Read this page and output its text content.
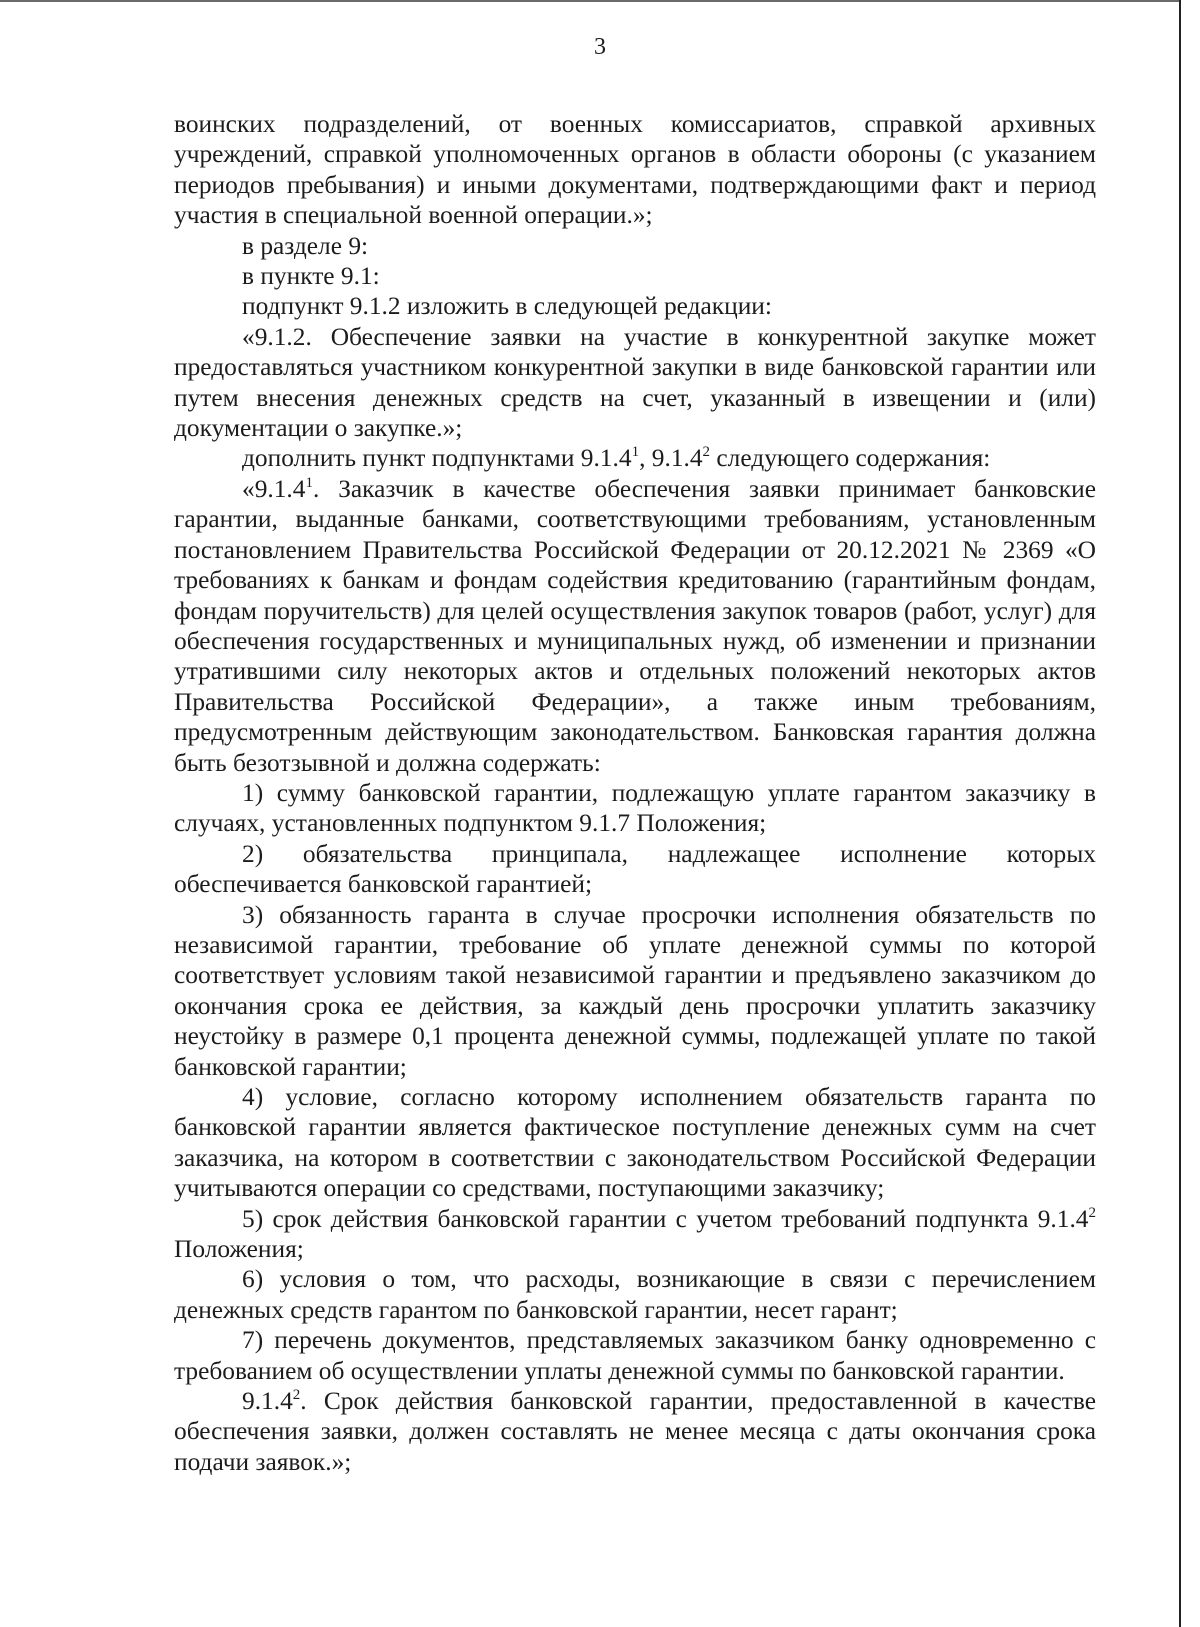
3

воинских подразделений, от военных комиссариатов, справкой архивных учреждений, справкой уполномоченных органов в области обороны (с указанием периодов пребывания) и иными документами, подтверждающими факт и период участия в специальной военной операции.»;

в разделе 9:

в пункте 9.1:

подпункт 9.1.2 изложить в следующей редакции:

«9.1.2. Обеспечение заявки на участие в конкурентной закупке может предоставляться участником конкурентной закупки в виде банковской гарантии или путем внесения денежных средств на счет, указанный в извещении и (или) документации о закупке.»;

дополнить пункт подпунктами 9.1.4$^1$, 9.1.4$^2$ следующего содержания:

«9.1.4$^1$. Заказчик в качестве обеспечения заявки принимает банковские гарантии, выданные банками, соответствующими требованиям, установленным постановлением Правительства Российской Федерации от 20.12.2021 № 2369 «О требованиях к банкам и фондам содействия кредитованию (гарантийным фондам, фондам поручительств) для целей осуществления закупок товаров (работ, услуг) для обеспечения государственных и муниципальных нужд, об изменении и признании утратившими силу некоторых актов и отдельных положений некоторых актов Правительства Российской Федерации», а также иным требованиям, предусмотренным действующим законодательством. Банковская гарантия должна быть безотзывной и должна содержать:

1) сумму банковской гарантии, подлежащую уплате гарантом заказчику в случаях, установленных подпунктом 9.1.7 Положения;

2) обязательства принципала, надлежащее исполнение которых обеспечивается банковской гарантией;

3) обязанность гаранта в случае просрочки исполнения обязательств по независимой гарантии, требование об уплате денежной суммы по которой соответствует условиям такой независимой гарантии и предъявлено заказчиком до окончания срока ее действия, за каждый день просрочки уплатить заказчику неустойку в размере 0,1 процента денежной суммы, подлежащей уплате по такой банковской гарантии;

4) условие, согласно которому исполнением обязательств гаранта по банковской гарантии является фактическое поступление денежных сумм на счет заказчика, на котором в соответствии с законодательством Российской Федерации учитываются операции со средствами, поступающими заказчику;

5) срок действия банковской гарантии с учетом требований подпункта 9.1.4$^2$ Положения;

6) условия о том, что расходы, возникающие в связи с перечислением денежных средств гарантом по банковской гарантии, несет гарант;

7) перечень документов, представляемых заказчиком банку одновременно с требованием об осуществлении уплаты денежной суммы по банковской гарантии.

9.1.4$^2$. Срок действия банковской гарантии, предоставленной в качестве обеспечения заявки, должен составлять не менее месяца с даты окончания срока подачи заявок.»;
